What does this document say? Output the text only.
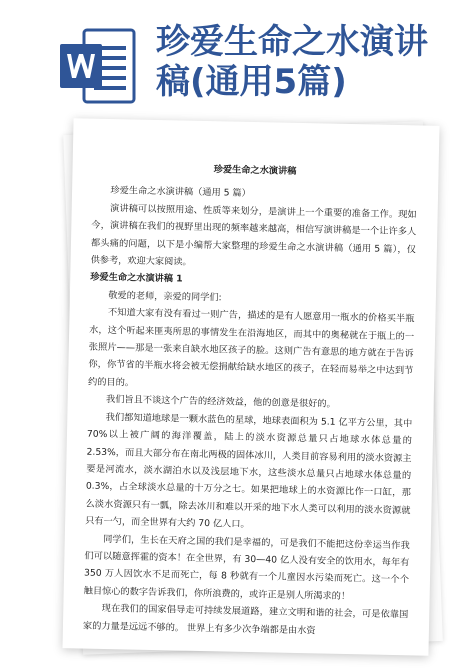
珍爱生命之水演讲
稿(通用5篇)

珍爱生命之水演讲稿

珍爱生命之水演讲稿（通用 5 篇）

演讲稿可以按照用途、性质等来划分，是演讲上一个重要的准备工作。现如今，演讲稿在我们的视野里出现的频率越来越高，相信写演讲稿是一个让许多人都头痛的问题，以下是小编帮大家整理的珍爱生命之水演讲稿（通用 5 篇），仅供参考，欢迎大家阅读。

珍爱生命之水演讲稿 1

敬爱的老师，亲爱的同学们:

不知道大家有没有看过一则广告，描述的是有人愿意用一瓶水的价格买半瓶水，这个听起来匪夷所思的事情发生在沿海地区，而其中的奥秘就在于瓶上的一张照片——那是一张来自缺水地区孩子的脸。这则广告有意思的地方就在于告诉你，你节省的半瓶水将会被无偿捐献给缺水地区的孩子，在轻而易举之中达到节约的目的。

我们旨且不谈这个广告的经济效益，他的创意是很好的。

我们都知道地球是一颗水蓝色的星球，地球表面积为 5.1 亿平方公里，其中 70%以上被广阔的海洋覆盖，陆上的淡水资源总量只占地球水体总量的 2.53%，而且大部分布在南北两极的固体冰川，人类目前容易利用的淡水资源主要是河流水，淡水湖泊水以及浅层地下水，这些淡水总量只占地球水体总量的 0.3%，占全球淡水总量的十万分之七。如果把地球上的水资源比作一口缸，那么淡水资源只有一瓢，除去冰川和难以开采的地下水人类可以利用的淡水资源就只有一勺，而全世界有大约 70 亿人口。

同学们，生长在天府之国的我们是幸福的，可是我们不能把这份幸运当作我们可以随意挥霍的资本！在全世界，有 30—40 亿人没有安全的饮用水，每年有 350 万人因饮水不足而死亡，每 8 秒就有一个儿童因水污染而死亡。这一个个触目惊心的数字告诉我们，你所浪费的，或许正是别人所渴求的！

现在我们的国家倡导走可持续发展道路，建立文明和谐的社会，可是依靠国家的力量是远远不够的。 世界上有多少次争端都是由水资
